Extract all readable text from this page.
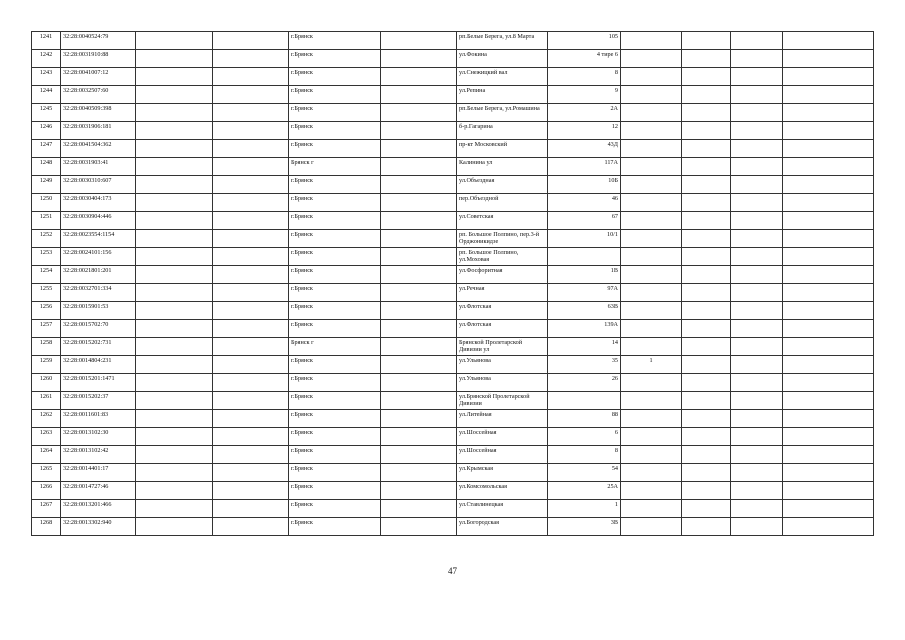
1241	32:28:0040524:79			г.Брянск		рп.Белые Берега, ул.8 Марта	105				
1242	32:28:0031910:88			г.Брянск		ул.Фокина	4 тире 6				
1243	32:28:0041007:12			г.Брянск		ул.Снежицкий вал	8				
1244	32:28:0032507:60			г.Брянск		ул.Репина	9				
1245	32:28:0040509:398			г.Брянск		рп.Белые Берега, ул.Ромашина	2А				
1246	32:28:0031906:181			г.Брянск		б-р.Гагарина	12				
1247	32:28:0041504:362			г.Брянск		пр-кт Московский	43Д				
1248	32:28:0031903:41			Брянск г		Калинина ул	117А				
1249	32:28:0030310:607			г.Брянск		ул.Объездная	10Б				
1250	32:28:0030404:173			г.Брянск		пер.Объездной	46				
1251	32:28:0030904:446			г.Брянск		ул.Советская	67				
1252	32:28:0023554:1154			г.Брянск		рп. Большое Полпино, пер.3-й Орджоникидзе	10/1				
1253	32:28:0024101:156			г.Брянск		рп. Большое Полпино, ул.Моховая					
1254	32:28:0021801:201			г.Брянск		ул.Фосфоритная	1В				
1255	32:28:0032701:334			г.Брянск		ул.Речная	97А				
1256	32:28:0015901:53			г.Брянск		ул.Флотская	63В				
1257	32:28:0015702:70			г.Брянск		ул.Флотская	139А				
1258	32:28:0015202:731			Брянск г		Брянской Пролетарской Дивизии ул	14				
1259	32:28:0014804:231			г.Брянск		ул.Ульянова	35	1			
1260	32:28:0015201:1471			г.Брянск		ул.Ульянова	26				
1261	32:28:0015202:37			г.Брянск		ул.Брянской Пролетарской Дивизии					
1262	32:28:0011601:83			г.Брянск		ул.Литейная	88				
1263	32:28:0013102:30			г.Брянск		ул.Шоссейная	6				
1264	32:28:0013102:42			г.Брянск		ул.Шоссейная	8				
1265	32:28:0014401:17			г.Брянск		ул.Крымская	54				
1266	32:28:0014727:46			г.Брянск		ул.Комсомольская	25А				
1267	32:28:0013201:466			г.Брянск		ул.Ставлинецкая	1				
1268	32:28:0013302:940			г.Брянск		ул.Богородская	3В				
47
